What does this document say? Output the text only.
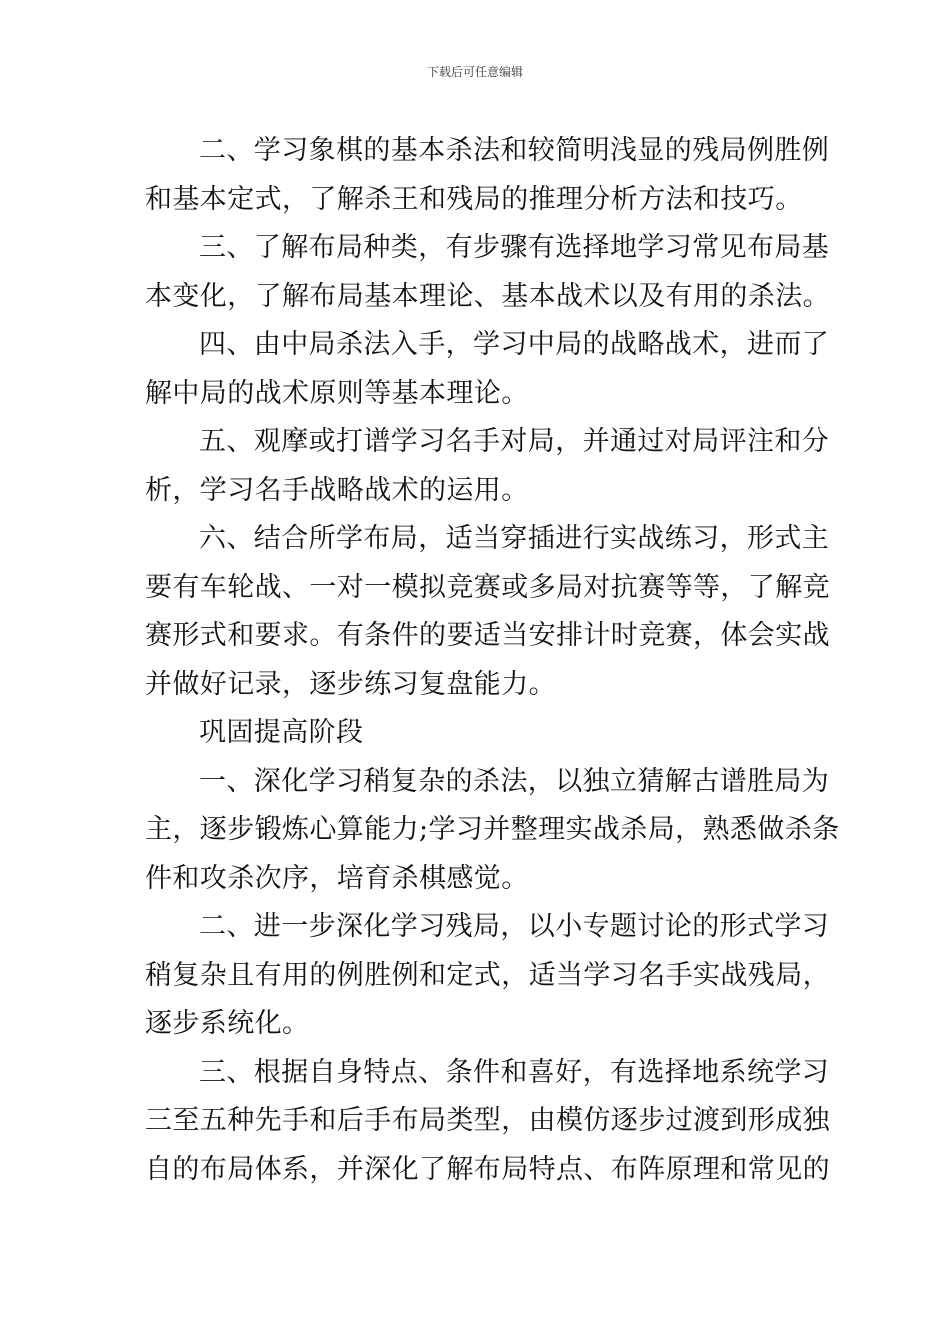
下载后可任意编辑

二、学习象棋的基本杀法和较简明浅显的残局例胜例
和基本定式，了解杀王和残局的推理分析方法和技巧。

三、了解布局种类，有步骤有选择地学习常见布局基
本变化，了解布局基本理论、基本战术以及有用的杀法。

四、由中局杀法入手，学习中局的战略战术，进而了
解中局的战术原则等基本理论。

五、观摩或打谱学习名手对局，并通过对局评注和分
析，学习名手战略战术的运用。

六、结合所学布局，适当穿插进行实战练习，形式主
要有车轮战、一对一模拟竞赛或多局对抗赛等等，了解竞
赛形式和要求。有条件的要适当安排计时竞赛，体会实战
并做好记录，逐步练习复盘能力。

巩固提高阶段

一、深化学习稍复杂的杀法，以独立猜解古谱胜局为
主，逐步锻炼心算能力;学习并整理实战杀局，熟悉做杀条
件和攻杀次序，培育杀棋感觉。

二、进一步深化学习残局，以小专题讨论的形式学习
稍复杂且有用的例胜例和定式，适当学习名手实战残局，
逐步系统化。

三、根据自身特点、条件和喜好，有选择地系统学习
三至五种先手和后手布局类型，由模仿逐步过渡到形成独
自的布局体系，并深化了解布局特点、布阵原理和常见的
